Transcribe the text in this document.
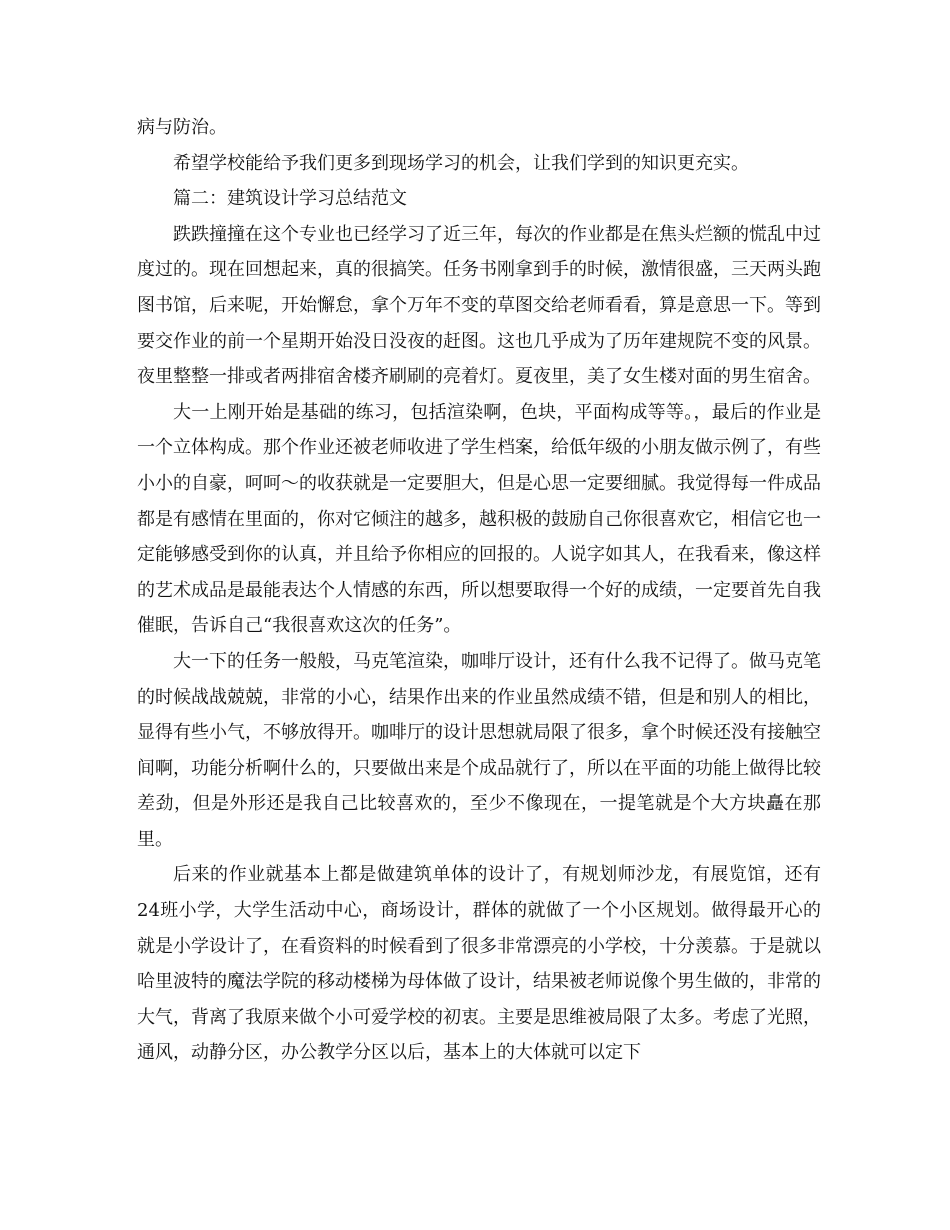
病与防治。

希望学校能给予我们更多到现场学习的机会，让我们学到的知识更充实。

篇二：建筑设计学习总结范文

跌跌撞撞在这个专业也已经学习了近三年，每次的作业都是在焦头烂额的慌乱中过度过的。现在回想起来，真的很搞笑。任务书刚拿到手的时候，激情很盛，三天两头跑图书馆，后来呢，开始懈怠，拿个万年不变的草图交给老师看看，算是意思一下。等到要交作业的前一个星期开始没日没夜的赶图。这也几乎成为了历年建规院不变的风景。夜里整整一排或者两排宿舍楼齐刷刷的亮着灯。夏夜里，美了女生楼对面的男生宿舍。

大一上刚开始是基础的练习，包括渲染啊，色块，平面构成等等。，最后的作业是一个立体构成。那个作业还被老师收进了学生档案，给低年级的小朋友做示例了，有些小小的自豪，呵呵～的收获就是一定要胆大，但是心思一定要细腻。我觉得每一件成品都是有感情在里面的，你对它倾注的越多，越积极的鼓励自己你很喜欢它，相信它也一定能够感受到你的认真，并且给予你相应的回报的。人说字如其人，在我看来，像这样的艺术成品是最能表达个人情感的东西，所以想要取得一个好的成绩，一定要首先自我催眠，告诉自己“我很喜欢这次的任务”。

大一下的任务一般般，马克笔渲染，咖啡厅设计，还有什么我不记得了。做马克笔的时候战战兢兢，非常的小心，结果作出来的作业虽然成绩不错，但是和别人的相比，显得有些小气，不够放得开。咖啡厅的设计思想就局限了很多，拿个时候还没有接触空间啊，功能分析啊什么的，只要做出来是个成品就行了，所以在平面的功能上做得比较差劲，但是外形还是我自己比较喜欢的，至少不像现在，一提笔就是个大方块矗在那里。

后来的作业就基本上都是做建筑单体的设计了，有规划师沙龙，有展览馆，还有24班小学，大学生活动中心，商场设计，群体的就做了一个小区规划。做得最开心的就是小学设计了，在看资料的时候看到了很多非常漂亮的小学校，十分羡慕。于是就以哈里波特的魔法学院的移动楼梯为母体做了设计，结果被老师说像个男生做的，非常的大气，背离了我原来做个小可爱学校的初衷。主要是思维被局限了太多。考虑了光照，通风，动静分区，办公教学分区以后，基本上的大体就可以定下
